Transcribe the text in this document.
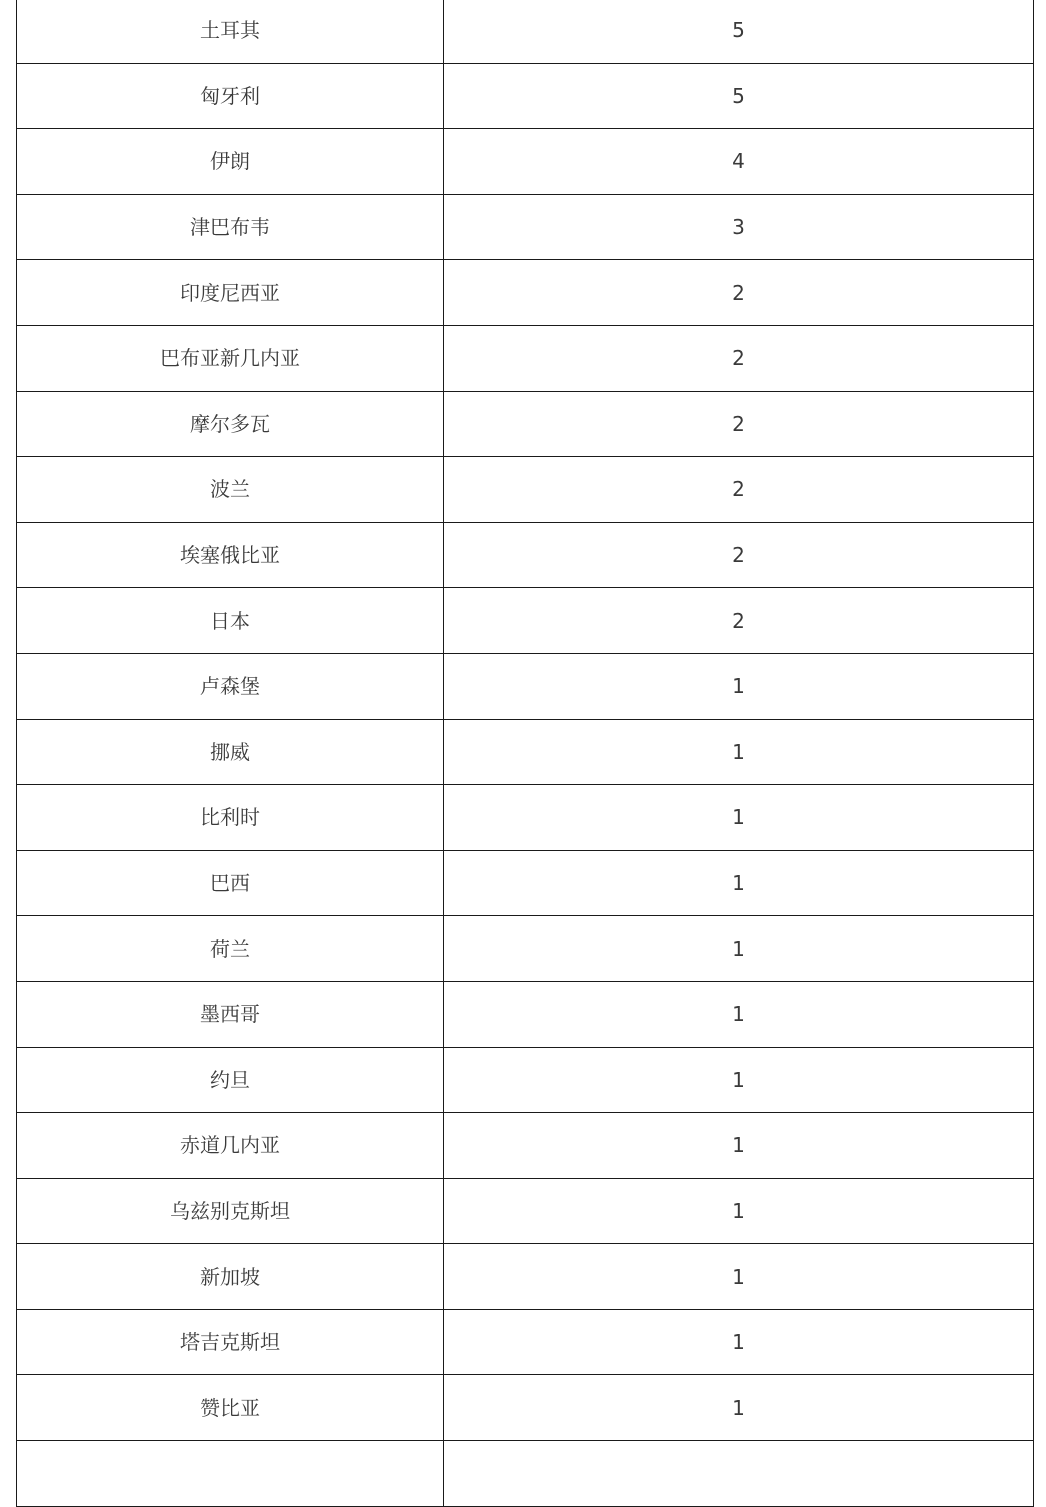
土耳其	5
匈牙利	5
伊朗	4
津巴布韦	3
印度尼西亚	2
巴布亚新几内亚	2
摩尔多瓦	2
波兰	2
埃塞俄比亚	2
日本	2
卢森堡	1
挪威	1
比利时	1
巴西	1
荷兰	1
墨西哥	1
约旦	1
赤道几内亚	1
乌兹别克斯坦	1
新加坡	1
塔吉克斯坦	1
赞比亚	1
